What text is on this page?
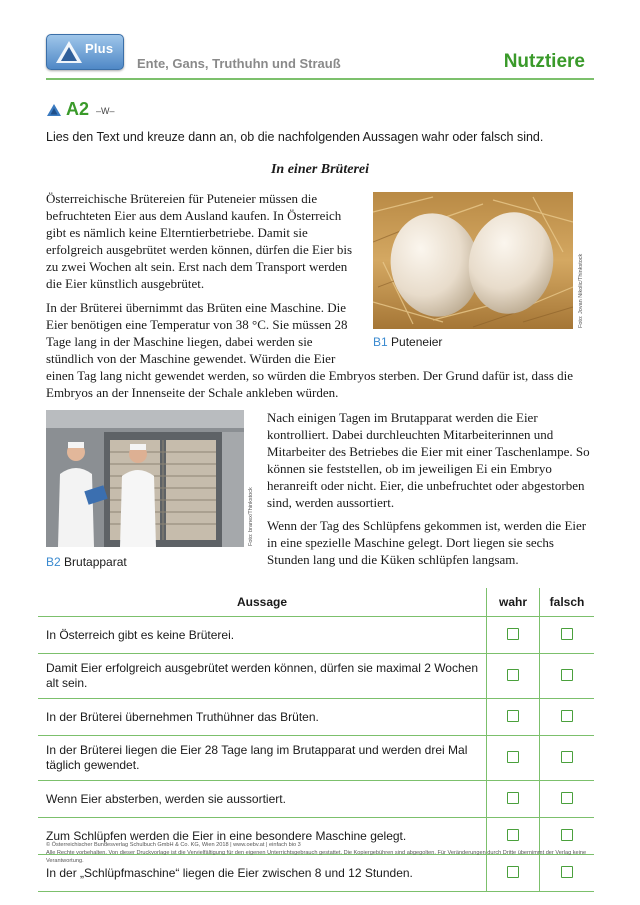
Plus
Ente, Gans, Truthuhn und Strauß	Nutztiere
A2 –W–
Lies den Text und kreuze dann an, ob die nachfolgenden Aussagen wahr oder falsch sind.
In einer Brüterei
Österreichische Brütereien für Puteneier müssen die befruchteten Eier aus dem Ausland kaufen. In Österreich gibt es nämlich keine Elterntierbetriebe. Damit sie erfolgreich ausgebrütet werden können, dürfen die Eier bis zu zwei Wochen alt sein. Erst nach dem Transport werden die Eier künstlich ausgebrütet.
In der Brüterei übernimmt das Brüten eine Maschine. Die Eier benötigen eine Temperatur von 38 °C. Sie müssen 28 Tage lang in der Maschine liegen, dabei werden sie stündlich von der Maschine gewendet. Würden die Eier
einen Tag lang nicht gewendet werden, so würden die Embryos sterben. Der Grund dafür ist, dass die Embryos an der Innenseite der Schale ankleben würden.
Nach einigen Tagen im Brutapparat werden die Eier kontrolliert. Dabei durchleuchten Mitarbeiterinnen und Mitarbeiter des Betriebes die Eier mit einer Taschenlampe. So können sie feststellen, ob im jeweiligen Ei ein Embryo heranreift oder nicht. Eier, die unbefruchtet oder abgestorben sind, werden aussortiert.
Wenn der Tag des Schlüpfens gekommen ist, werden die Eier in eine spezielle Maschine gelegt. Dort liegen sie sechs Stunden lang und die Küken schlüpfen langsam.
Foto: Jovan Nikolic/Thinkstock
B1 Puteneier
Foto: branex/Thinkstock
B2 Brutapparat
Aussage	wahr	falsch
In Österreich gibt es keine Brüterei.		
Damit Eier erfolgreich ausgebrütet werden können, dürfen sie maximal 2 Wochen alt sein.		
In der Brüterei übernehmen Truthühner das Brüten.		
In der Brüterei liegen die Eier 28 Tage lang im Brutapparat und werden drei Mal täglich gewendet.		
Wenn Eier absterben, werden sie aussortiert.		
Zum Schlüpfen werden die Eier in eine besondere Maschine gelegt.		
In der „Schlüpfmaschine“ liegen die Eier zwischen 8 und 12 Stunden.		
© Österreichischer Bundesverlag Schulbuch GmbH & Co. KG, Wien 2018 | www.oebv.at | einfach bio 3
Alle Rechte vorbehalten. Von dieser Druckvorlage ist die Vervielfältigung für den eigenen Unterrichtsgebrauch gestattet. Die Kopiergebühren sind abgegolten. Für Veränderungen durch Dritte übernimmt der Verlag keine Verantwortung.
